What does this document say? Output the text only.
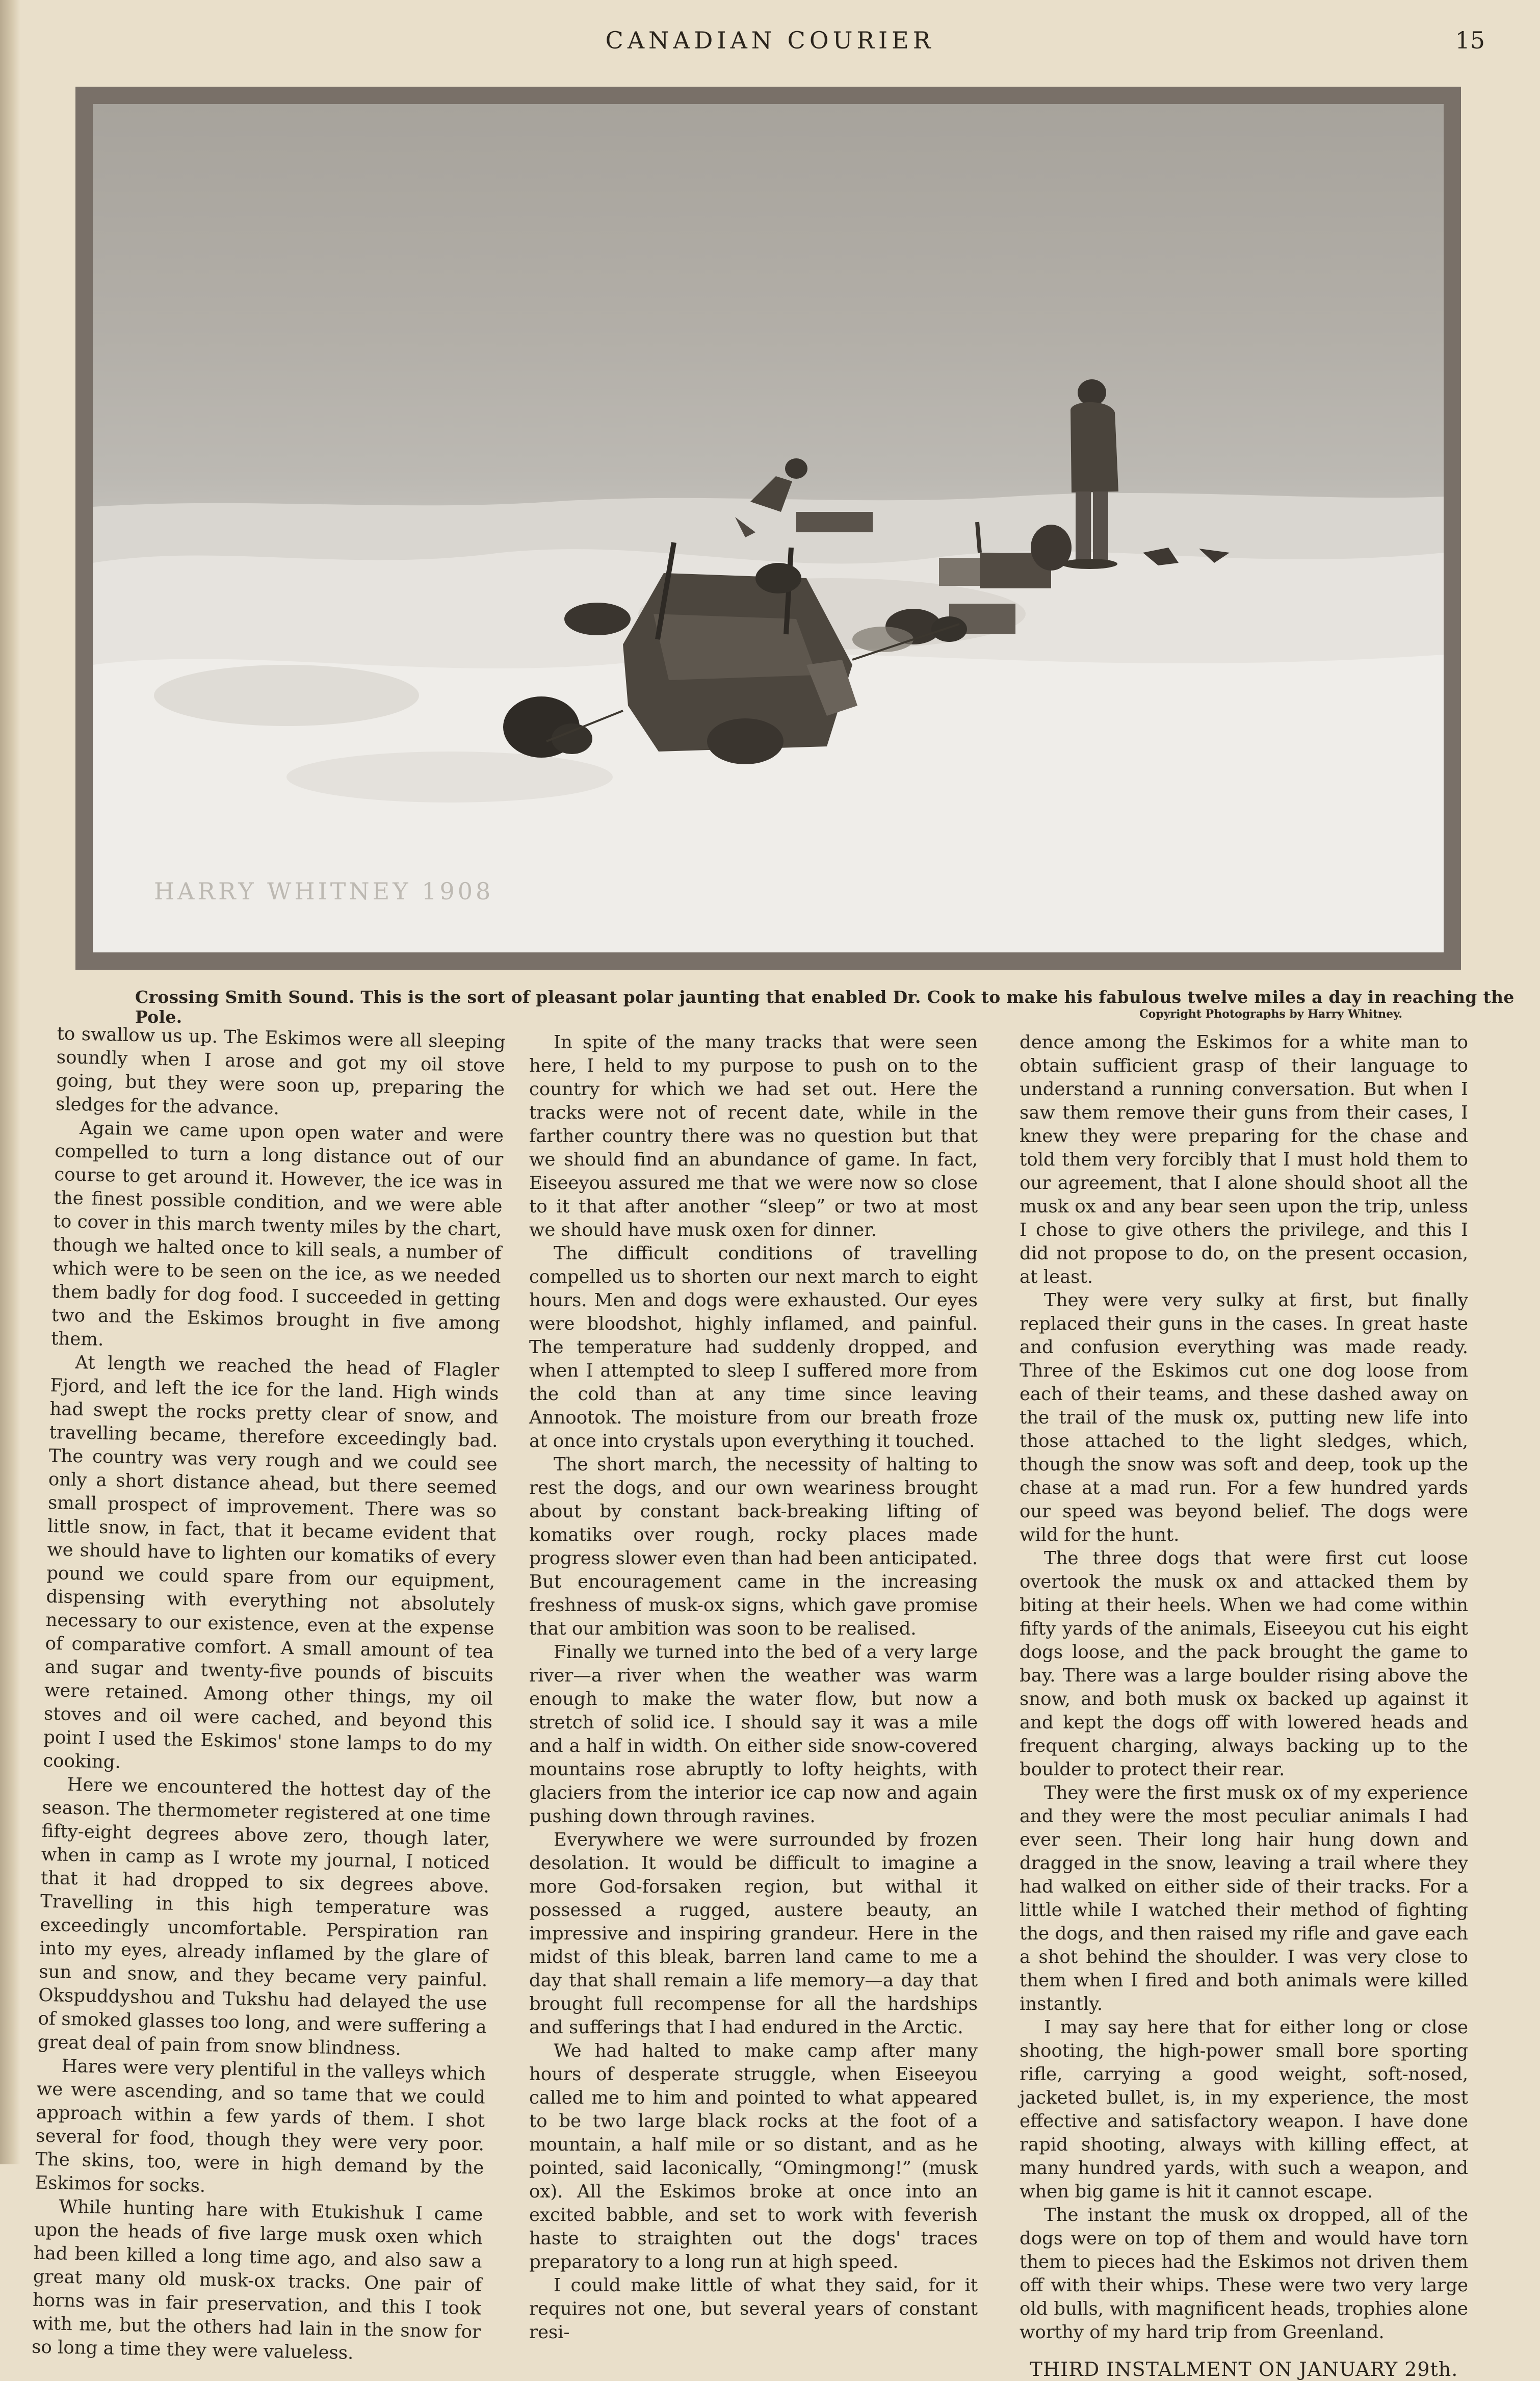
CANADIAN COURIER	15
HARRY WHITNEY 1908
Crossing Smith Sound. This is the sort of pleasant polar jaunting that enabled Dr. Cook to make his fabulous twelve miles a day in reaching the Pole.	Copyright Photographs by Harry Whitney.

to swallow us up. The Eskimos were all sleeping soundly when I arose and got my oil stove going, but they were soon up, preparing the sledges for the advance.

Again we came upon open water and were compelled to turn a long distance out of our course to get around it. However, the ice was in the finest possible condition, and we were able to cover in this march twenty miles by the chart, though we halted once to kill seals, a number of which were to be seen on the ice, as we needed them badly for dog food. I succeeded in getting two and the Eskimos brought in five among them.

At length we reached the head of Flagler Fjord, and left the ice for the land. High winds had swept the rocks pretty clear of snow, and travelling became, therefore exceedingly bad. The country was very rough and we could see only a short distance ahead, but there seemed small prospect of improvement. There was so little snow, in fact, that it became evident that we should have to lighten our komatiks of every pound we could spare from our equipment, dispensing with everything not absolutely necessary to our existence, even at the expense of comparative comfort. A small amount of tea and sugar and twenty-five pounds of biscuits were retained. Among other things, my oil stoves and oil were cached, and beyond this point I used the Eskimos' stone lamps to do my cooking.

Here we encountered the hottest day of the season. The thermometer registered at one time fifty-eight degrees above zero, though later, when in camp as I wrote my journal, I noticed that it had dropped to six degrees above. Travelling in this high temperature was exceedingly uncomfortable. Perspiration ran into my eyes, already inflamed by the glare of sun and snow, and they became very painful. Okspuddyshou and Tukshu had delayed the use of smoked glasses too long, and were suffering a great deal of pain from snow blindness.

Hares were very plentiful in the valleys which we were ascending, and so tame that we could approach within a few yards of them. I shot several for food, though they were very poor. The skins, too, were in high demand by the Eskimos for socks.

While hunting hare with Etukishuk I came upon the heads of five large musk oxen which had been killed a long time ago, and also saw a great many old musk-ox tracks. One pair of horns was in fair preservation, and this I took with me, but the others had lain in the snow for so long a time they were valueless.

In spite of the many tracks that were seen here, I held to my purpose to push on to the country for which we had set out. Here the tracks were not of recent date, while in the farther country there was no question but that we should find an abundance of game. In fact, Eiseeyou assured me that we were now so close to it that after another “sleep” or two at most we should have musk oxen for dinner.

The difficult conditions of travelling compelled us to shorten our next march to eight hours. Men and dogs were exhausted. Our eyes were bloodshot, highly inflamed, and painful. The temperature had suddenly dropped, and when I attempted to sleep I suffered more from the cold than at any time since leaving Annootok. The moisture from our breath froze at once into crystals upon everything it touched.

The short march, the necessity of halting to rest the dogs, and our own weariness brought about by constant back-breaking lifting of komatiks over rough, rocky places made progress slower even than had been anticipated. But encouragement came in the increasing freshness of musk-ox signs, which gave promise that our ambition was soon to be realised.

Finally we turned into the bed of a very large river—a river when the weather was warm enough to make the water flow, but now a stretch of solid ice. I should say it was a mile and a half in width. On either side snow-covered mountains rose abruptly to lofty heights, with glaciers from the interior ice cap now and again pushing down through ravines.

Everywhere we were surrounded by frozen desolation. It would be difficult to imagine a more God-forsaken region, but withal it possessed a rugged, austere beauty, an impressive and inspiring grandeur. Here in the midst of this bleak, barren land came to me a day that shall remain a life memory—a day that brought full recompense for all the hardships and sufferings that I had endured in the Arctic.

We had halted to make camp after many hours of desperate struggle, when Eiseeyou called me to him and pointed to what appeared to be two large black rocks at the foot of a mountain, a half mile or so distant, and as he pointed, said laconically, “Omingmong!” (musk ox). All the Eskimos broke at once into an excited babble, and set to work with feverish haste to straighten out the dogs' traces preparatory to a long run at high speed.

I could make little of what they said, for it requires not one, but several years of constant resi-

dence among the Eskimos for a white man to obtain sufficient grasp of their language to understand a running conversation. But when I saw them remove their guns from their cases, I knew they were preparing for the chase and told them very forcibly that I must hold them to our agreement, that I alone should shoot all the musk ox and any bear seen upon the trip, unless I chose to give others the privilege, and this I did not propose to do, on the present occasion, at least.

They were very sulky at first, but finally replaced their guns in the cases. In great haste and confusion everything was made ready. Three of the Eskimos cut one dog loose from each of their teams, and these dashed away on the trail of the musk ox, putting new life into those attached to the light sledges, which, though the snow was soft and deep, took up the chase at a mad run. For a few hundred yards our speed was beyond belief. The dogs were wild for the hunt.

The three dogs that were first cut loose overtook the musk ox and attacked them by biting at their heels. When we had come within fifty yards of the animals, Eiseeyou cut his eight dogs loose, and the pack brought the game to bay. There was a large boulder rising above the snow, and both musk ox backed up against it and kept the dogs off with lowered heads and frequent charging, always backing up to the boulder to protect their rear.

They were the first musk ox of my experience and they were the most peculiar animals I had ever seen. Their long hair hung down and dragged in the snow, leaving a trail where they had walked on either side of their tracks. For a little while I watched their method of fighting the dogs, and then raised my rifle and gave each a shot behind the shoulder. I was very close to them when I fired and both animals were killed instantly.

I may say here that for either long or close shooting, the high-power small bore sporting rifle, carrying a good weight, soft-nosed, jacketed bullet, is, in my experience, the most effective and satisfactory weapon. I have done rapid shooting, always with killing effect, at many hundred yards, with such a weapon, and when big game is hit it cannot escape.

The instant the musk ox dropped, all of the dogs were on top of them and would have torn them to pieces had the Eskimos not driven them off with their whips. These were two very large old bulls, with magnificent heads, trophies alone worthy of my hard trip from Greenland.

THIRD INSTALMENT ON JANUARY 29th.
